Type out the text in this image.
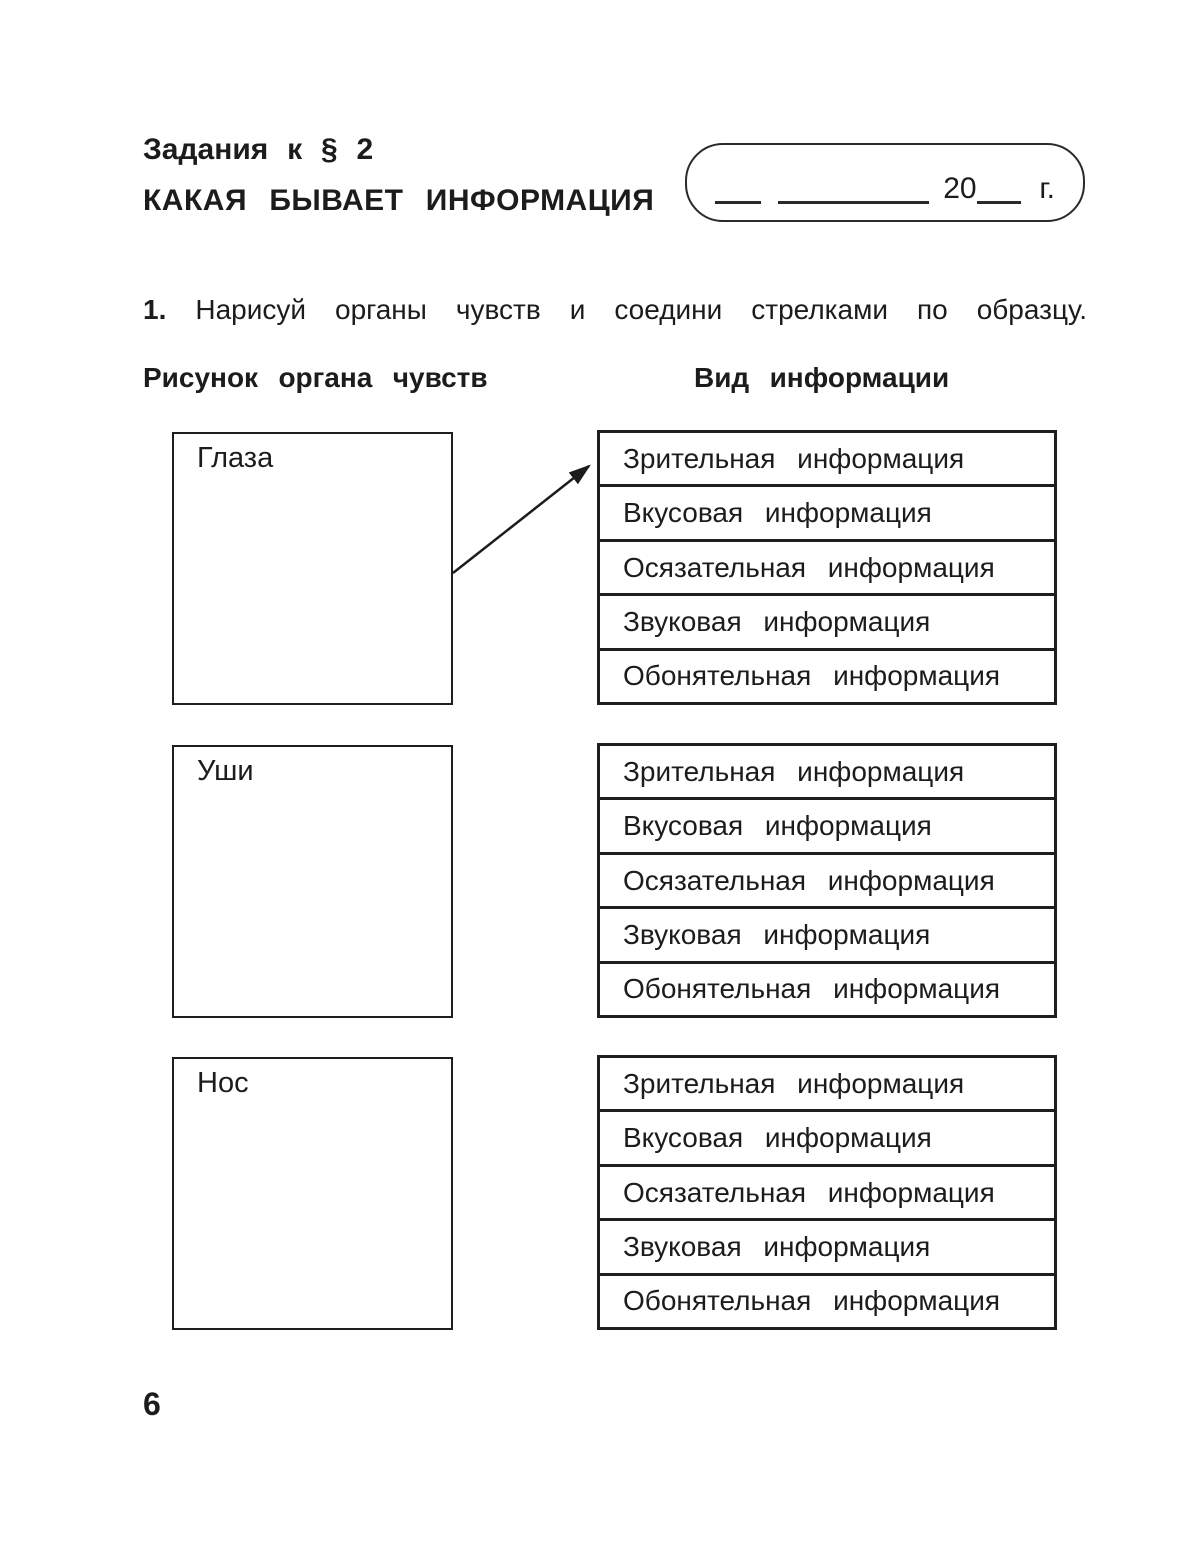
Задания к § 2
КАКАЯ БЫВАЕТ ИНФОРМАЦИЯ	20 г.
1. Нарисуй органы чувств и соедини стрелками по образцу.
Рисунок органа чувств	Вид информации
Глаза	Зрительная информация
Вкусовая информация
Осязательная информация
Звуковая информация
Обонятельная информация
Уши	Зрительная информация
Вкусовая информация
Осязательная информация
Звуковая информация
Обонятельная информация
Нос	Зрительная информация
Вкусовая информация
Осязательная информация
Звуковая информация
Обонятельная информация
6
